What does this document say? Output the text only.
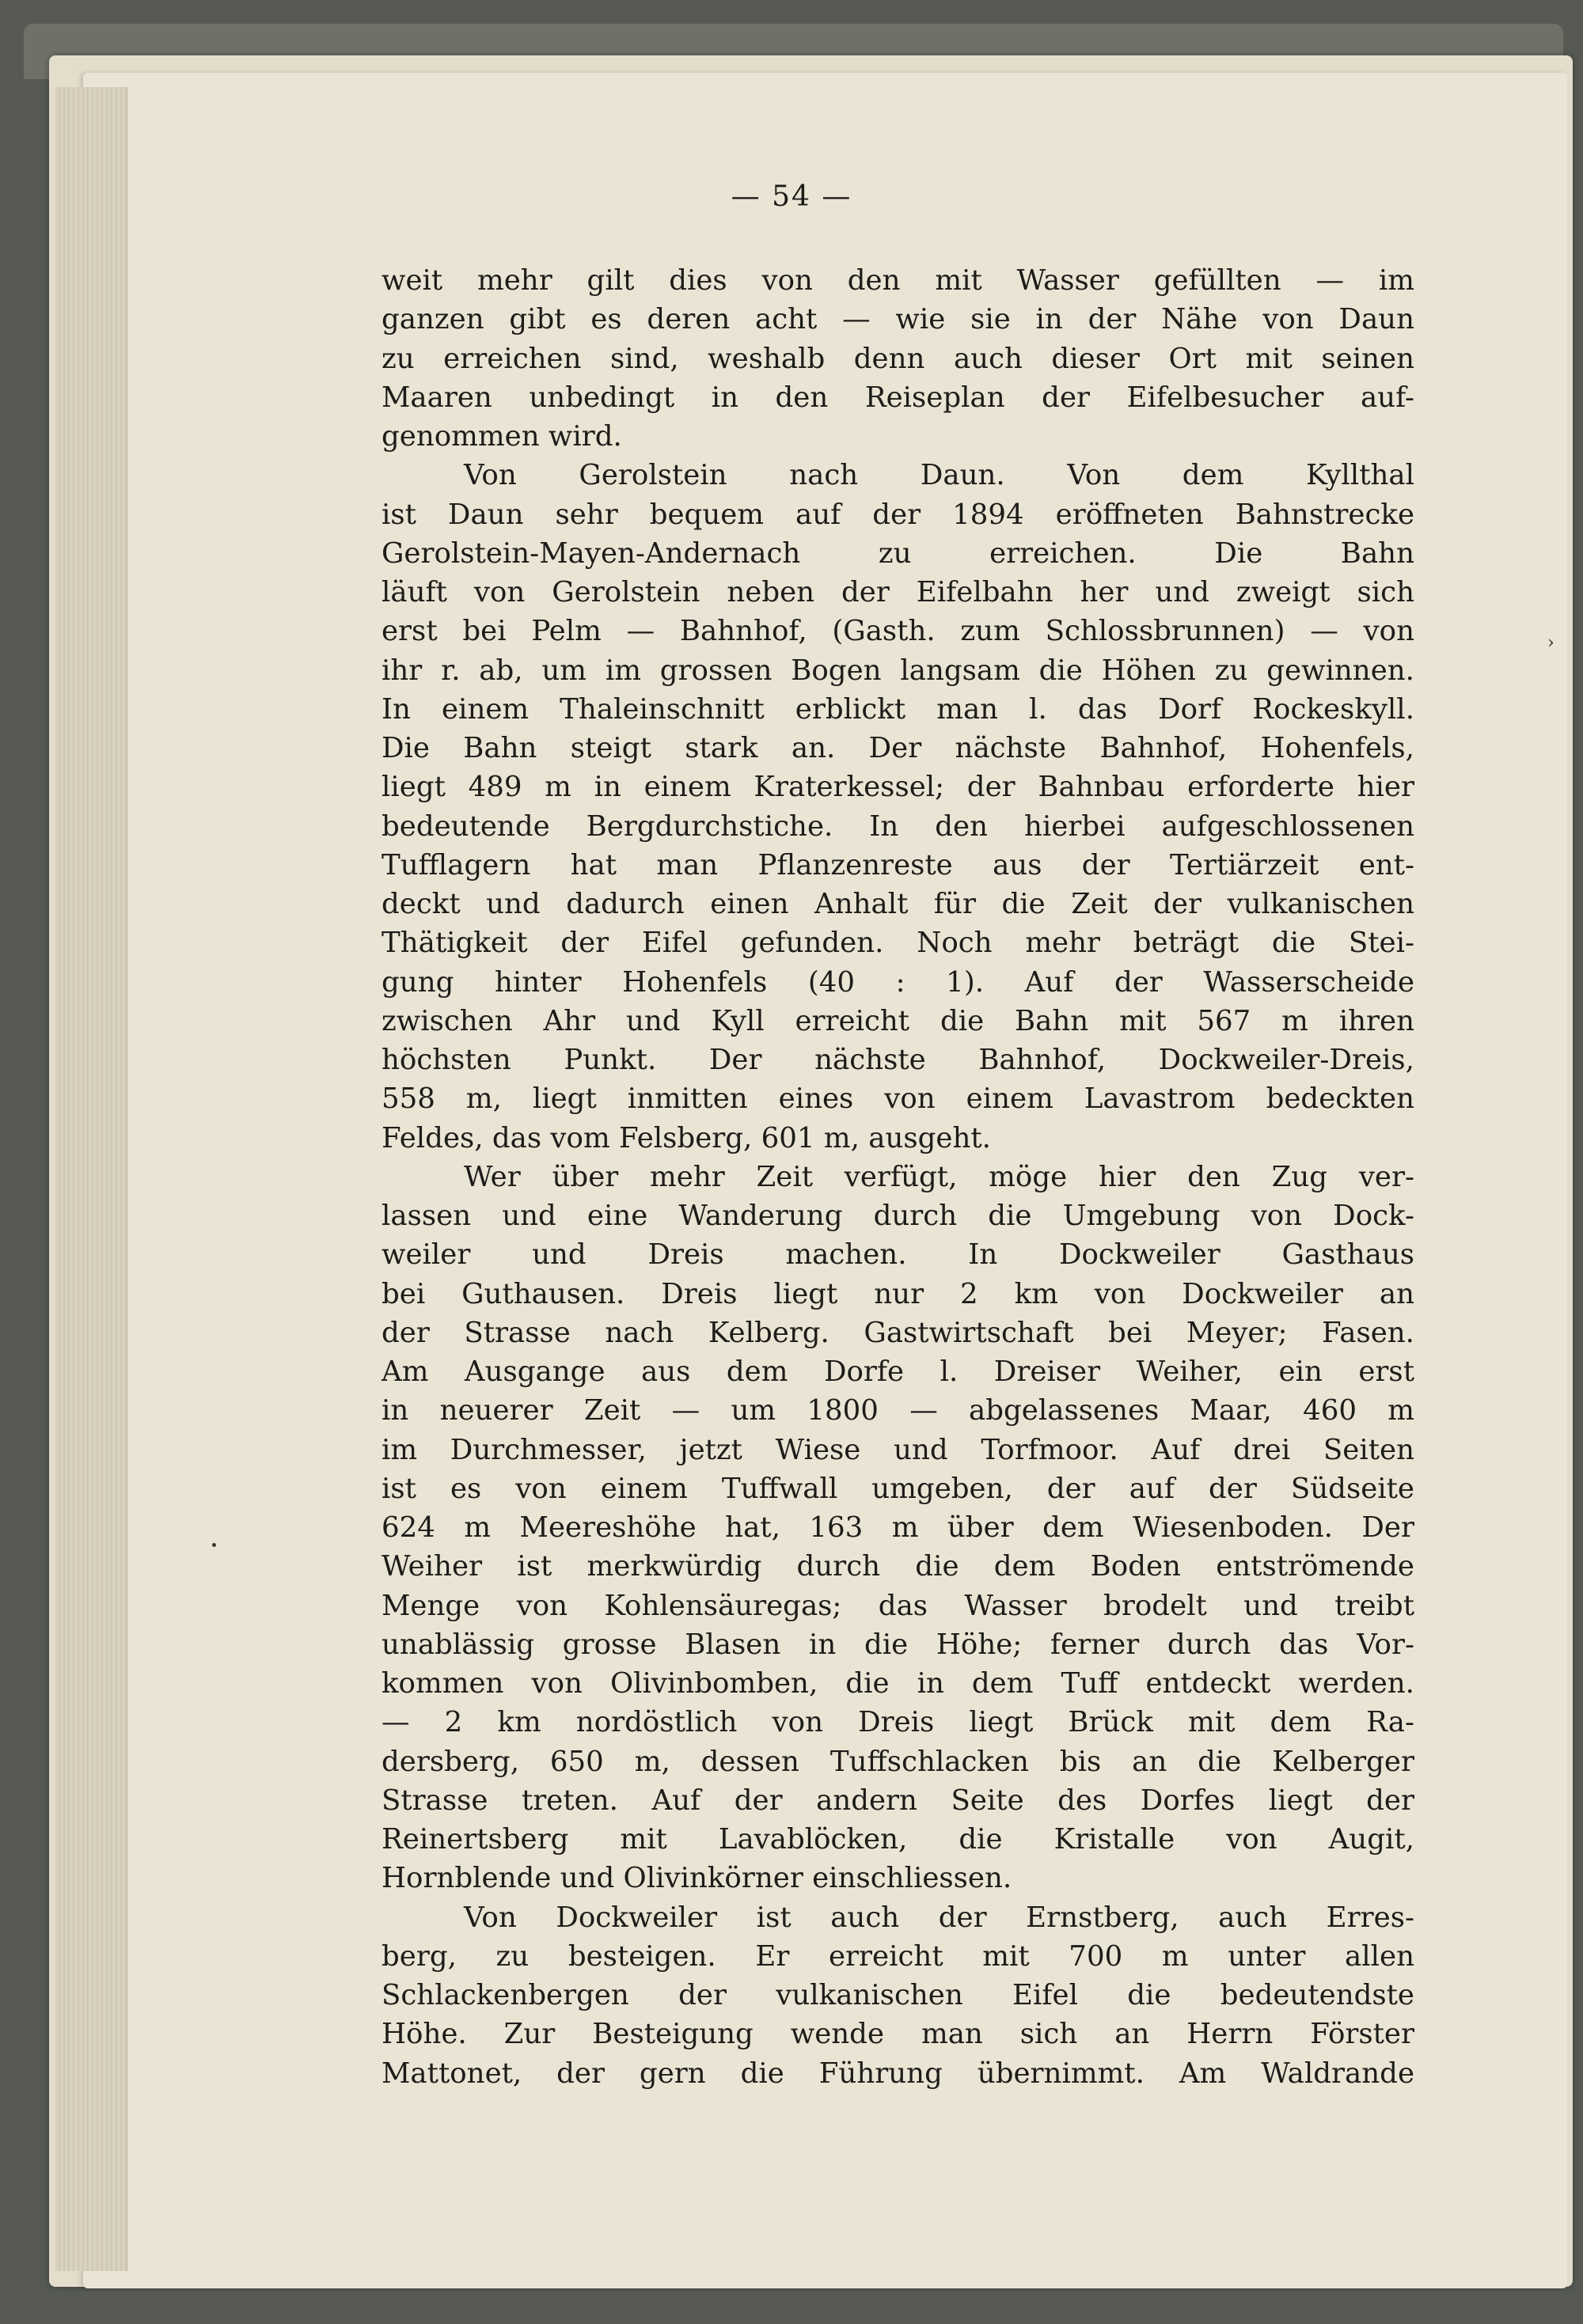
— 54 —
weit mehr gilt dies von den mit Wasser gefüllten — im
ganzen gibt es deren acht — wie sie in der Nähe von Daun
zu erreichen sind, weshalb denn auch dieser Ort mit seinen
Maaren unbedingt in den Reiseplan der Eifelbesucher auf-
genommen wird.
Von Gerolstein nach Daun. Von dem Kyllthal
ist Daun sehr bequem auf der 1894 eröffneten Bahnstrecke
Gerolstein-Mayen-Andernach zu erreichen. Die Bahn
läuft von Gerolstein neben der Eifelbahn her und zweigt sich
erst bei Pelm — Bahnhof, (Gasth. zum Schlossbrunnen) — von
ihr r. ab, um im grossen Bogen langsam die Höhen zu gewinnen.
In einem Thaleinschnitt erblickt man l. das Dorf Rockeskyll.
Die Bahn steigt stark an. Der nächste Bahnhof, Hohenfels,
liegt 489 m in einem Kraterkessel; der Bahnbau erforderte hier
bedeutende Bergdurchstiche. In den hierbei aufgeschlossenen
Tufflagern hat man Pflanzenreste aus der Tertiärzeit ent-
deckt und dadurch einen Anhalt für die Zeit der vulkanischen
Thätigkeit der Eifel gefunden. Noch mehr beträgt die Stei-
gung hinter Hohenfels (40 : 1). Auf der Wasserscheide
zwischen Ahr und Kyll erreicht die Bahn mit 567 m ihren
höchsten Punkt. Der nächste Bahnhof, Dockweiler-Dreis,
558 m, liegt inmitten eines von einem Lavastrom bedeckten
Feldes, das vom Felsberg, 601 m, ausgeht.
Wer über mehr Zeit verfügt, möge hier den Zug ver-
lassen und eine Wanderung durch die Umgebung von Dock-
weiler und Dreis machen. In Dockweiler Gasthaus
bei Guthausen. Dreis liegt nur 2 km von Dockweiler an
der Strasse nach Kelberg. Gastwirtschaft bei Meyer; Fasen.
Am Ausgange aus dem Dorfe l. Dreiser Weiher, ein erst
in neuerer Zeit — um 1800 — abgelassenes Maar, 460 m
im Durchmesser, jetzt Wiese und Torfmoor. Auf drei Seiten
ist es von einem Tuffwall umgeben, der auf der Südseite
624 m Meereshöhe hat, 163 m über dem Wiesenboden. Der
Weiher ist merkwürdig durch die dem Boden entströmende
Menge von Kohlensäuregas; das Wasser brodelt und treibt
unablässig grosse Blasen in die Höhe; ferner durch das Vor-
kommen von Olivinbomben, die in dem Tuff entdeckt werden.
— 2 km nordöstlich von Dreis liegt Brück mit dem Ra-
dersberg, 650 m, dessen Tuffschlacken bis an die Kelberger
Strasse treten. Auf der andern Seite des Dorfes liegt der
Reinertsberg mit Lavablöcken, die Kristalle von Augit,
Hornblende und Olivinkörner einschliessen.
Von Dockweiler ist auch der Ernstberg, auch Erres-
berg, zu besteigen. Er erreicht mit 700 m unter allen
Schlackenbergen der vulkanischen Eifel die bedeutendste
Höhe. Zur Besteigung wende man sich an Herrn Förster
Mattonet, der gern die Führung übernimmt. Am Waldrande
›
